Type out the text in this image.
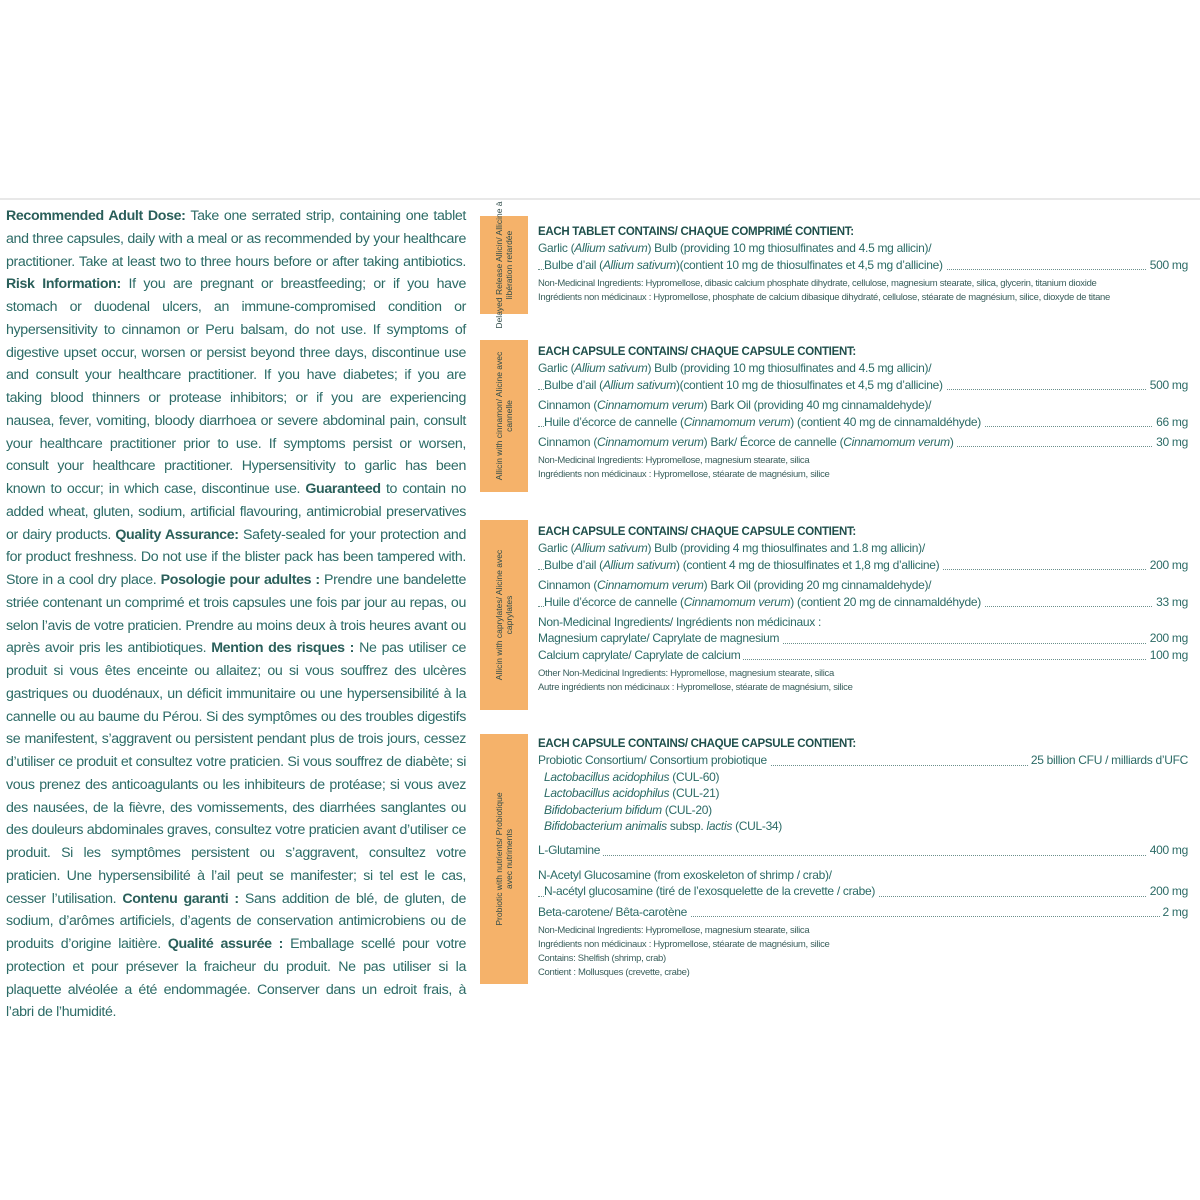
Recommended Adult Dose: Take one serrated strip, containing one tablet and three capsules, daily with a meal or as recommended by your healthcare practitioner. Take at least two to three hours before or after taking antibiotics. Risk Information: If you are pregnant or breastfeeding; or if you have stomach or duodenal ulcers, an immune-compromised condition or hypersensitivity to cinnamon or Peru balsam, do not use. If symptoms of digestive upset occur, worsen or persist beyond three days, discontinue use and consult your healthcare practitioner. If you have diabetes; if you are taking blood thinners or protease inhibitors; or if you are experiencing nausea, fever, vomiting, bloody diarrhoea or severe abdominal pain, consult your healthcare practitioner prior to use. If symptoms persist or worsen, consult your healthcare practitioner. Hypersensitivity to garlic has been known to occur; in which case, discontinue use. Guaranteed to contain no added wheat, gluten, sodium, artificial flavouring, antimicrobial preservatives or dairy products. Quality Assurance: Safety-sealed for your protection and for product freshness. Do not use if the blister pack has been tampered with. Store in a cool dry place. Posologie pour adultes : Prendre une bandelette striée contenant un comprimé et trois capsules une fois par jour au repas, ou selon l’avis de votre praticien. Prendre au moins deux à trois heures avant ou après avoir pris les antibiotiques. Mention des risques : Ne pas utiliser ce produit si vous êtes enceinte ou allaitez; ou si vous souffrez des ulcères gastriques ou duodénaux, un déficit immunitaire ou une hypersensibilité à la cannelle ou au baume du Pérou. Si des symptômes ou des troubles digestifs se manifestent, s’aggravent ou persistent pendant plus de trois jours, cessez d’utiliser ce produit et consultez votre praticien. Si vous souffrez de diabète; si vous prenez des anticoagulants ou les inhibiteurs de protéase; si vous avez des nausées, de la fièvre, des vomissements, des diarrhées sanglantes ou des douleurs abdominales graves, consultez votre praticien avant d’utiliser ce produit. Si les symptômes persistent ou s’aggravent, consultez votre praticien. Une hypersensibilité à l’ail peut se manifester; si tel est le cas, cesser l’utilisation. Contenu garanti : Sans addition de blé, de gluten, de sodium, d’arômes artificiels, d’agents de conservation antimicrobiens ou de produits d’origine laitière. Qualité assurée : Emballage scellé pour votre protection et pour présever la fraicheur du produit. Ne pas utiliser si la plaquette alvéolée a été endommagée. Conserver dans un edroit frais, à l’abri de l’humidité.

Delayed Release Allicin/ Allicine à libération retardée EACH TABLET CONTAINS/ CHAQUE COMPRIMÉ CONTIENT:
Garlic (Allium sativum) Bulb (providing 10 mg thiosulfinates and 4.5 mg allicin)/
Bulbe d’ail (Allium sativum)(contient 10 mg de thiosulfinates et 4,5 mg d’allicine)	500 mg
Non-Medicinal Ingredients: Hypromellose, dibasic calcium phosphate dihydrate, cellulose, magnesium stearate, silica, glycerin, titanium dioxide
Ingrédients non médicinaux : Hypromellose, phosphate de calcium dibasique dihydraté, cellulose, stéarate de magnésium, silice, dioxyde de titane
Allicin with cinnamon/ Alicine avec cannelle
EACH CAPSULE CONTAINS/ CHAQUE CAPSULE CONTIENT:
Garlic (Allium sativum) Bulb (providing 10 mg thiosulfinates and 4.5 mg allicin)/
Bulbe d’ail (Allium sativum)(contient 10 mg de thiosulfinates et 4,5 mg d’allicine)	500 mg
Cinnamon (Cinnamomum verum) Bark Oil (providing 40 mg cinnamaldehyde)/
Huile d’écorce de cannelle (Cinnamomum verum) (contient 40 mg de cinnamaldéhyde)	66 mg
Cinnamon (Cinnamomum verum) Bark/ Écorce de cannelle (Cinnamomum verum)	30 mg
Non-Medicinal Ingredients: Hypromellose, magnesium stearate, silica
Ingrédients non médicinaux : Hypromellose, stéarate de magnésium, silice
Allicin with caprylates/ Alicine avec caprylates
EACH CAPSULE CONTAINS/ CHAQUE CAPSULE CONTIENT:
Garlic (Allium sativum) Bulb (providing 4 mg thiosulfinates and 1.8 mg allicin)/
Bulbe d’ail (Allium sativum) (contient 4 mg de thiosulfinates et 1,8 mg d’allicine)	200 mg
Cinnamon (Cinnamomum verum) Bark Oil (providing 20 mg cinnamaldehyde)/
Huile d’écorce de cannelle (Cinnamomum verum) (contient 20 mg de cinnamaldéhyde)	33 mg
Non-Medicinal Ingredients/ Ingrédients non médicinaux :
Magnesium caprylate/ Caprylate de magnesium	200 mg
Calcium caprylate/ Caprylate de calcium	100 mg
Other Non-Medicinal Ingredients: Hypromellose, magnesium stearate, silica
Autre ingrédients non médicinaux : Hypromellose, stéarate de magnésium, silice
Probiotic with nutrients/ Probiotique avec nutriments
EACH CAPSULE CONTAINS/ CHAQUE CAPSULE CONTIENT:
Probiotic Consortium/ Consortium probiotique	25 billion CFU / milliards d’UFC
Lactobacillus acidophilus (CUL-60)
Lactobacillus acidophilus (CUL-21)
Bifidobacterium bifidum (CUL-20)
Bifidobacterium animalis subsp. lactis (CUL-34)
L-Glutamine	400 mg
N-Acetyl Glucosamine (from exoskeleton of shrimp / crab)/
N-acétyl glucosamine (tiré de l’exosquelette de la crevette / crabe)	200 mg
Beta-carotene/ Bêta-carotène	2 mg
Non-Medicinal Ingredients: Hypromellose, magnesium stearate, silica
Ingrédients non médicinaux : Hypromellose, stéarate de magnésium, silice
Contains: Shelfish (shrimp, crab)
Contient : Mollusques (crevette, crabe)
